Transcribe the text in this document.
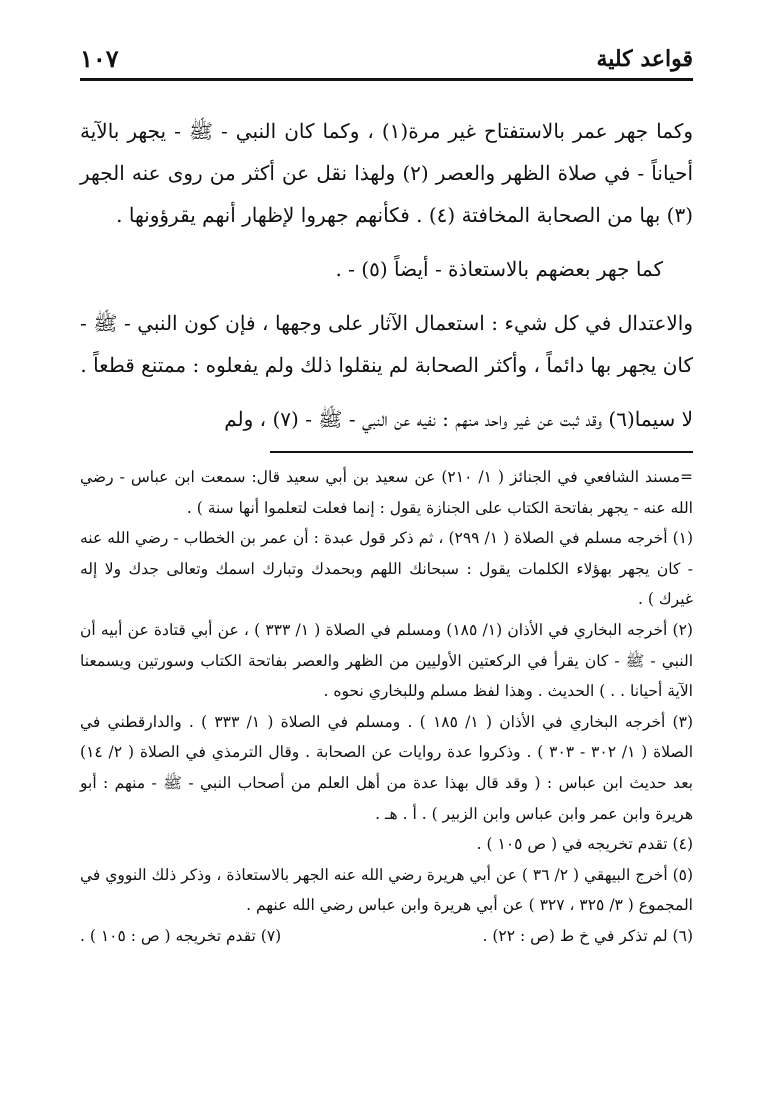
قواعد كلية
١٠٧

وكما جهر عمر بالاستفتاح غير مرة(١) ، وكما كان النبي - ﷺ - يجهر بالآية أحياناً - في صلاة الظهر والعصر (٢) ولهذا نقل عن أكثر من روى عنه الجهر (٣) بها من الصحابة المخافتة (٤) . فكأنهم جهروا لإظهار أنهم يقرؤونها .

كما جهر بعضهم بالاستعاذة - أيضاً (٥) - .

والاعتدال في كل شيء : استعمال الآثار على وجهها ، فإن كون النبي - ﷺ - كان يجهر بها دائماً ، وأكثر الصحابة لم ينقلوا ذلك ولم يفعلوه : ممتنع قطعاً .

لا سيما(٦) وقد ثبت عن غير واحد منهم : نفيه عن النبي - ﷺ - (٧) ، ولم

=مسند الشافعي في الجنائز ( ١/ ٢١٠) عن سعيد بن أبي سعيد قال: سمعت ابن عباس - رضي الله عنه - يجهر بفاتحة الكتاب على الجنازة يقول : إنما فعلت لتعلموا أنها سنة ) .

(١) أخرجه مسلم في الصلاة ( ١/ ٢٩٩) ، ثم ذكر قول عبدة : أن عمر بن الخطاب - رضي الله عنه - كان يجهر بهؤلاء الكلمات يقول : سبحانك اللهم وبحمدك وتبارك اسمك وتعالى جدك ولا إله غيرك ) .

(٢) أخرجه البخاري في الأذان (١/ ١٨٥) ومسلم في الصلاة ( ١/ ٣٣٣ ) ، عن أبي قتادة عن أبيه أن النبي - ﷺ - كان يقرأ في الركعتين الأوليين من الظهر والعصر بفاتحة الكتاب وسورتين ويسمعنا الآية أحيانا . . ) الحديث . وهذا لفظ مسلم وللبخاري نحوه .

(٣) أخرجه البخاري في الأذان ( ١/ ١٨٥ ) . ومسلم في الصلاة ( ١/ ٣٣٣ ) . والدارقطني في الصلاة ( ١/ ٣٠٢ - ٣٠٣ ) . وذكروا عدة روايات عن الصحابة . وقال الترمذي في الصلاة ( ٢/ ١٤) بعد حديث ابن عباس : ( وقد قال بهذا عدة من أهل العلم من أصحاب النبي - ﷺ - منهم : أبو هريرة وابن عمر وابن عباس وابن الزبير ) . أ . هـ .

(٤) تقدم تخريجه في ( ص ١٠٥ ) .

(٥) أخرج البيهقي ( ٢/ ٣٦ ) عن أبي هريرة رضي الله عنه الجهر بالاستعاذة ، وذكر ذلك النووي في المجموع ( ٣/ ٣٢٥ ، ٣٢٧ ) عن أبي هريرة وابن عباس رضي الله عنهم .

(٦) لم تذكر في خ ط (ص : ٢٢) .
(٧) تقدم تخريجه ( ص : ١٠٥ ) .
